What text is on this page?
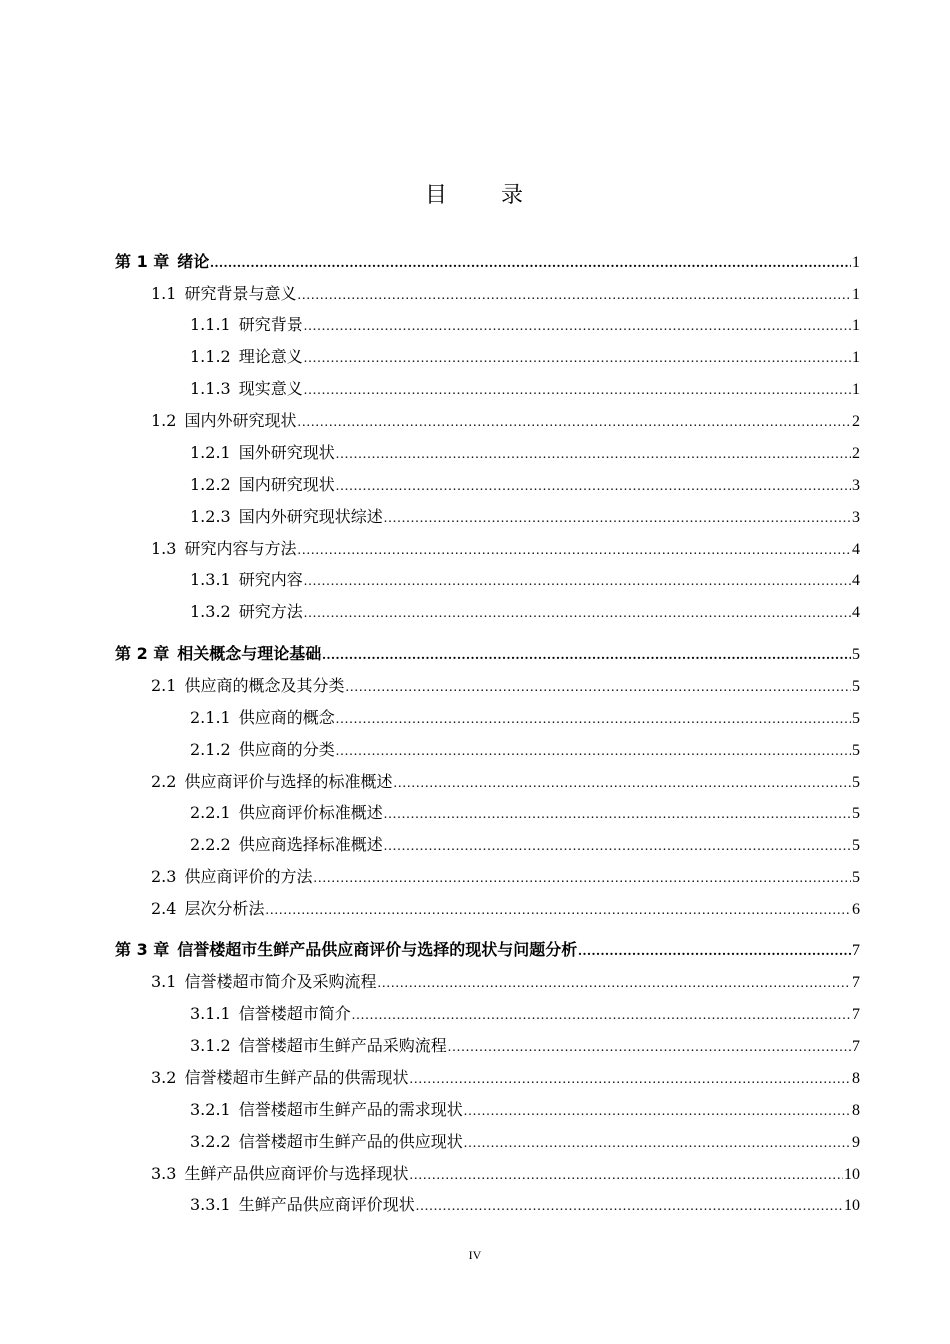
目 录
第 1 章 绪论 .....	1
1.1 研究背景与意义 .....	1
1.1.1 研究背景 .....	1
1.1.2 理论意义 .....	1
1.1.3 现实意义 .....	1
1.2 国内外研究现状 .....	2
1.2.1 国外研究现状 .....	2
1.2.2 国内研究现状 .....	3
1.2.3 国内外研究现状综述 .....	3
1.3 研究内容与方法 .....	4
1.3.1 研究内容 .....	4
1.3.2 研究方法 .....	4
第 2 章 相关概念与理论基础 .....	5
2.1 供应商的概念及其分类 .....	5
2.1.1 供应商的概念 .....	5
2.1.2 供应商的分类 .....	5
2.2 供应商评价与选择的标准概述 .....	5
2.2.1 供应商评价标准概述 .....	5
2.2.2 供应商选择标准概述 .....	5
2.3 供应商评价的方法 .....	5
2.4 层次分析法 .....	6
第 3 章 信誉楼超市生鲜产品供应商评价与选择的现状与问题分析 .....	7
3.1 信誉楼超市简介及采购流程 .....	7
3.1.1 信誉楼超市简介 .....	7
3.1.2 信誉楼超市生鲜产品采购流程 .....	7
3.2 信誉楼超市生鲜产品的供需现状 .....	8
3.2.1 信誉楼超市生鲜产品的需求现状 .....	8
3.2.2 信誉楼超市生鲜产品的供应现状 .....	9
3.3 生鲜产品供应商评价与选择现状 .....	10
3.3.1 生鲜产品供应商评价现状 .....	10
IV
